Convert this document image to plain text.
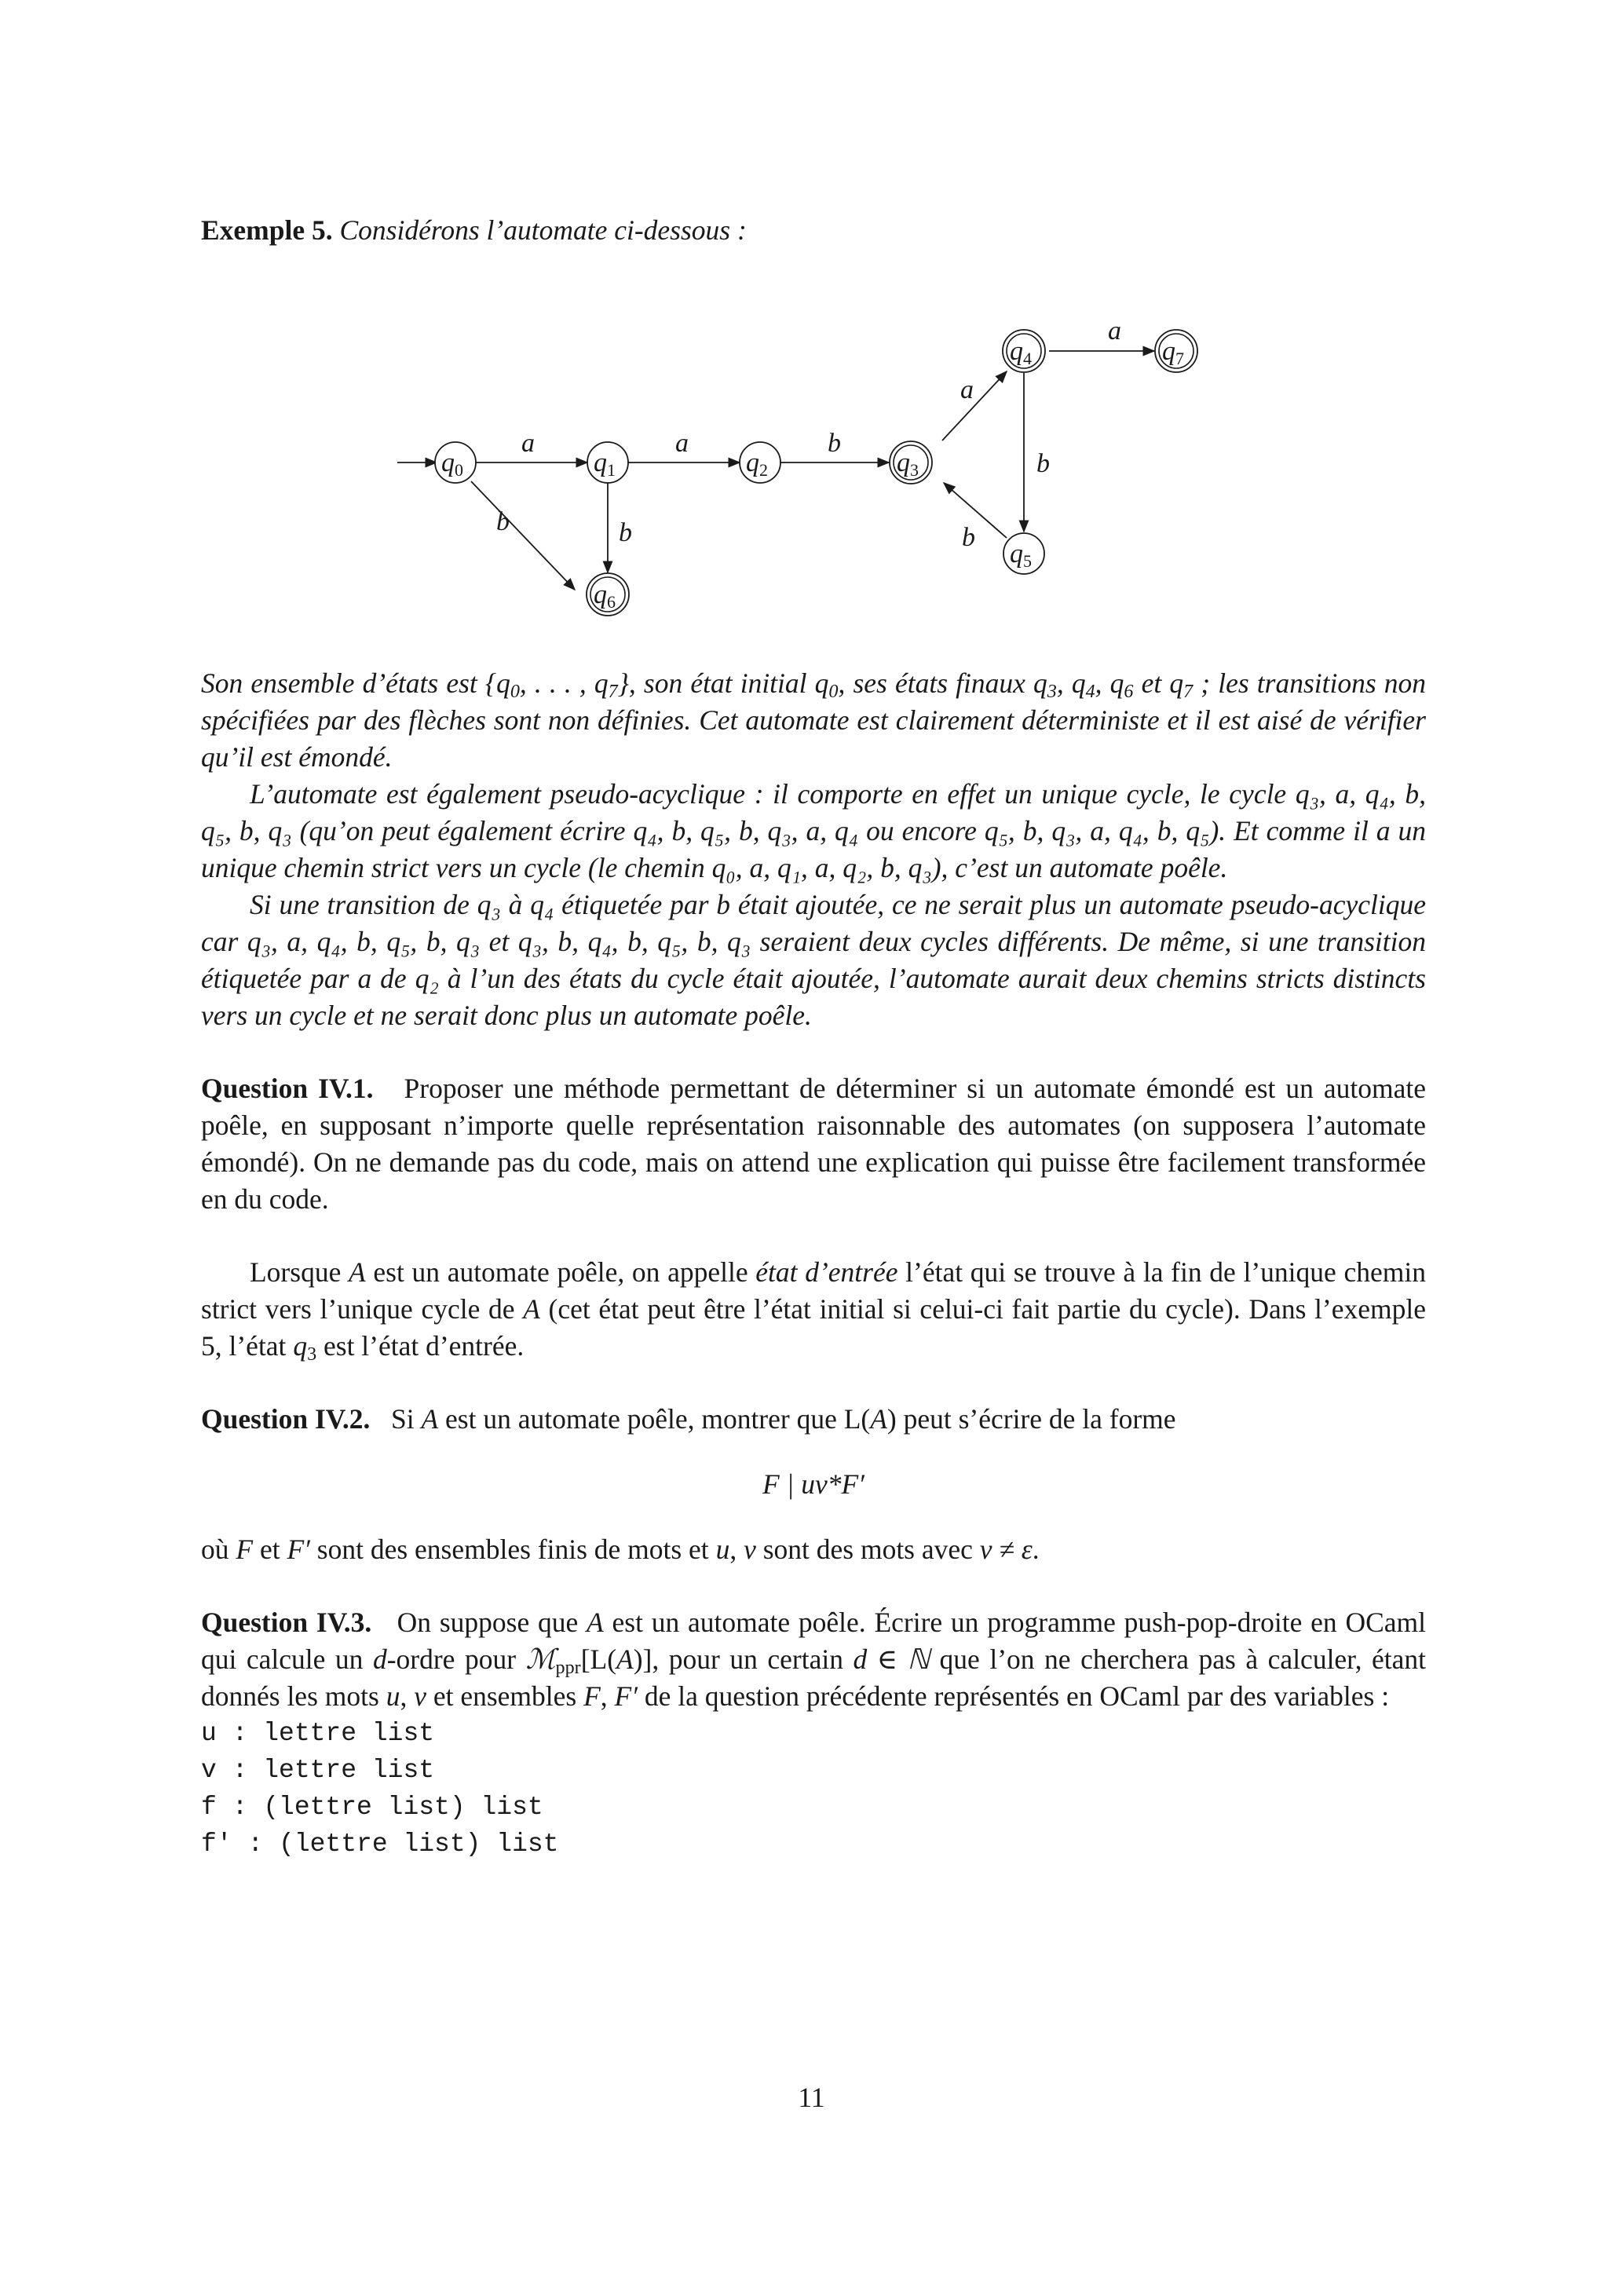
Exemple 5. Considérons l’automate ci-dessous :

a	a	b
a
a
b
b
b	b
q0	q1	q2	q3
q4
q5
q6
q7

Son ensemble d’états est {$q_0$, . . . , $q_7$}, son état initial $q_0$, ses états finaux $q_3$, $q_4$, $q_6$ et $q_7$ ; les transitions non spécifiées par des flèches sont non définies. Cet automate est clairement déterministe et il est aisé de vérifier qu’il est émondé.

L’automate est également pseudo-acyclique : il comporte en effet un unique cycle, le cycle q₃, a, q₄, b, q₅, b, q₃ (qu’on peut également écrire q₄, b, q₅, b, q₃, a, q₄ ou encore q₅, b, q₃, a, q₄, b, q₅). Et comme il a un unique chemin strict vers un cycle (le chemin q₀, a, q₁, a, q₂, b, q₃), c’est un automate poêle.

Si une transition de q₃ à q₄ étiquetée par b était ajoutée, ce ne serait plus un automate pseudo-acyclique car q₃, a, q₄, b, q₅, b, q₃ et q₃, b, q₄, b, q₅, b, q₃ seraient deux cycles différents. De même, si une transition étiquetée par a de q₂ à l’un des états du cycle était ajoutée, l’automate aurait deux chemins stricts distincts vers un cycle et ne serait donc plus un automate poêle.

Question IV.1. Proposer une méthode permettant de déterminer si un automate émondé est un automate poêle, en supposant n’importe quelle représentation raisonnable des automates (on supposera l’automate émondé). On ne demande pas du code, mais on attend une explication qui puisse être facilement transformée en du code.

Lorsque A est un automate poêle, on appelle état d’entrée l’état qui se trouve à la fin de l’unique chemin strict vers l’unique cycle de A (cet état peut être l’état initial si celui-ci fait partie du cycle). Dans l’exemple 5, l’état $q_3$ est l’état d’entrée.

Question IV.2. Si A est un automate poêle, montrer que L(A) peut s’écrire de la forme

F | uv*F′

où F et F′ sont des ensembles finis de mots et u, v sont des mots avec v ≠ ε.

Question IV.3. On suppose que A est un automate poêle. Écrire un programme push-pop-droite en OCaml qui calcule un d-ordre pour ℳ$_{ppr}$[L(A)], pour un certain d ∈ ℕ que l’on ne cherchera pas à calculer, étant donnés les mots u, v et ensembles F, F′ de la question précédente représentés en OCaml par des variables :

u : lettre list

v : lettre list

f : (lettre list) list

f' : (lettre list) list

11
